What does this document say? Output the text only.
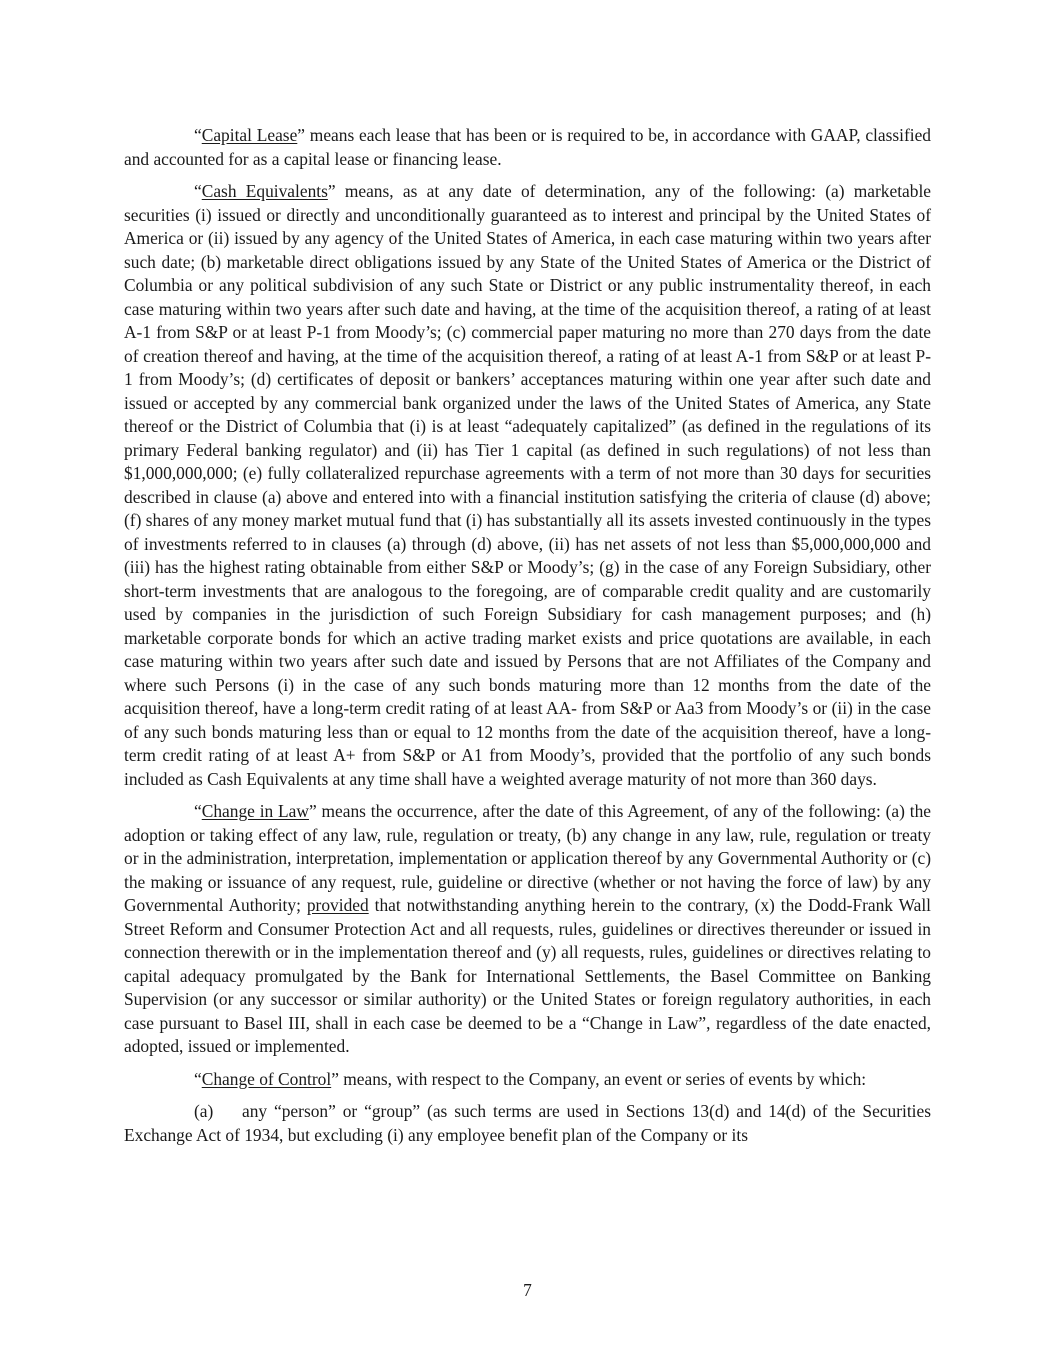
“Capital Lease” means each lease that has been or is required to be, in accordance with GAAP, classified and accounted for as a capital lease or financing lease.

“Cash Equivalents” means, as at any date of determination, any of the following: (a) marketable securities (i) issued or directly and unconditionally guaranteed as to interest and principal by the United States of America or (ii) issued by any agency of the United States of America, in each case maturing within two years after such date; (b) marketable direct obligations issued by any State of the United States of America or the District of Columbia or any political subdivision of any such State or District or any public instrumentality thereof, in each case maturing within two years after such date and having, at the time of the acquisition thereof, a rating of at least A-1 from S&P or at least P-1 from Moody’s; (c) commercial paper maturing no more than 270 days from the date of creation thereof and having, at the time of the acquisition thereof, a rating of at least A-1 from S&P or at least P-1 from Moody’s; (d) certificates of deposit or bankers’ acceptances maturing within one year after such date and issued or accepted by any commercial bank organized under the laws of the United States of America, any State thereof or the District of Columbia that (i) is at least “adequately capitalized” (as defined in the regulations of its primary Federal banking regulator) and (ii) has Tier 1 capital (as defined in such regulations) of not less than $1,000,000,000; (e) fully collateralized repurchase agreements with a term of not more than 30 days for securities described in clause (a) above and entered into with a financial institution satisfying the criteria of clause (d) above; (f) shares of any money market mutual fund that (i) has substantially all its assets invested continuously in the types of investments referred to in clauses (a) through (d) above, (ii) has net assets of not less than $5,000,000,000 and (iii) has the highest rating obtainable from either S&P or Moody’s; (g) in the case of any Foreign Subsidiary, other short-term investments that are analogous to the foregoing, are of comparable credit quality and are customarily used by companies in the jurisdiction of such Foreign Subsidiary for cash management purposes; and (h) marketable corporate bonds for which an active trading market exists and price quotations are available, in each case maturing within two years after such date and issued by Persons that are not Affiliates of the Company and where such Persons (i) in the case of any such bonds maturing more than 12 months from the date of the acquisition thereof, have a long-term credit rating of at least AA- from S&P or Aa3 from Moody’s or (ii) in the case of any such bonds maturing less than or equal to 12 months from the date of the acquisition thereof, have a long-term credit rating of at least A+ from S&P or A1 from Moody’s, provided that the portfolio of any such bonds included as Cash Equivalents at any time shall have a weighted average maturity of not more than 360 days.

“Change in Law” means the occurrence, after the date of this Agreement, of any of the following: (a) the adoption or taking effect of any law, rule, regulation or treaty, (b) any change in any law, rule, regulation or treaty or in the administration, interpretation, implementation or application thereof by any Governmental Authority or (c) the making or issuance of any request, rule, guideline or directive (whether or not having the force of law) by any Governmental Authority; provided that notwithstanding anything herein to the contrary, (x) the Dodd-Frank Wall Street Reform and Consumer Protection Act and all requests, rules, guidelines or directives thereunder or issued in connection therewith or in the implementation thereof and (y) all requests, rules, guidelines or directives relating to capital adequacy promulgated by the Bank for International Settlements, the Basel Committee on Banking Supervision (or any successor or similar authority) or the United States or foreign regulatory authorities, in each case pursuant to Basel III, shall in each case be deemed to be a “Change in Law”, regardless of the date enacted, adopted, issued or implemented.

“Change of Control” means, with respect to the Company, an event or series of events by which:

(a) any “person” or “group” (as such terms are used in Sections 13(d) and 14(d) of the Securities Exchange Act of 1934, but excluding (i) any employee benefit plan of the Company or its

7
